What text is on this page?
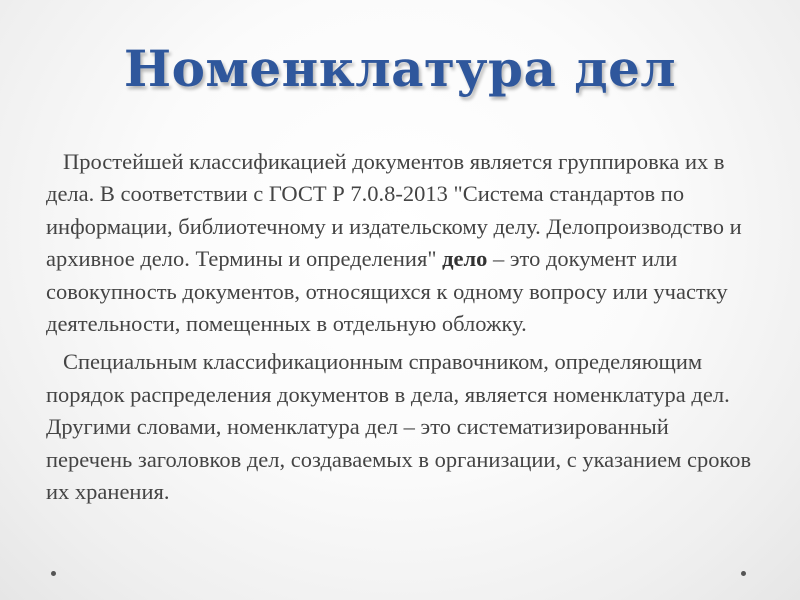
Номенклатура дел

Простейшей классификацией документов является группировка их в дела. В соответствии с ГОСТ Р 7.0.8-2013 "Система стандартов по информации, библиотечному и издательскому делу. Делопроизводство и архивное дело. Термины и определения" дело – это документ или совокупность документов, относящихся к одному вопросу или участку деятельности, помещенных в отдельную обложку.

Специальным классификационным справочником, определяющим порядок распределения документов в дела, является номенклатура дел. Другими словами, номенклатура дел – это систематизированный перечень заголовков дел, создаваемых в организации, с указанием сроков их хранения.
